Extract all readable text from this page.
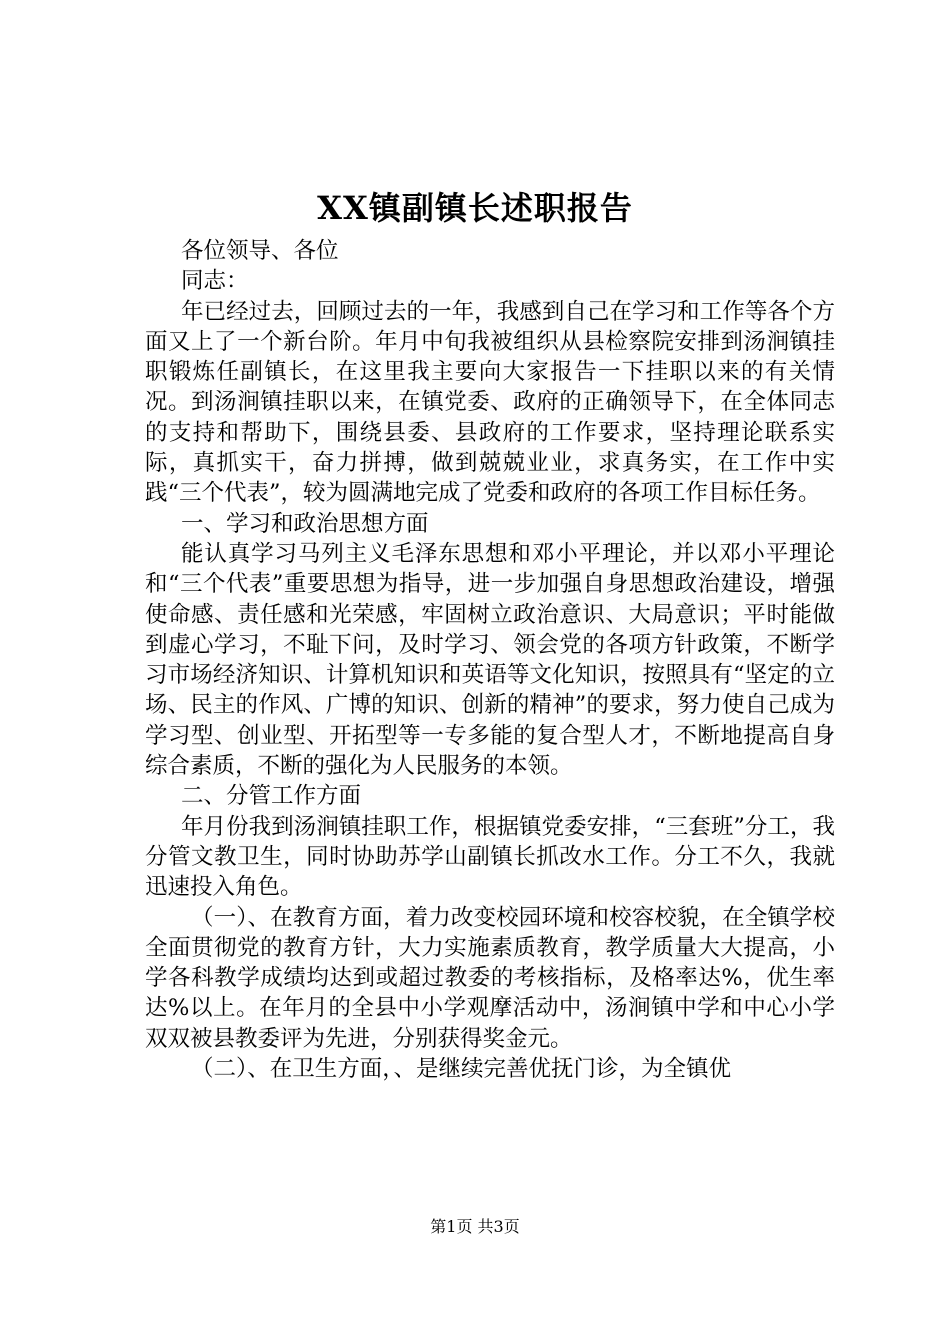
XX镇副镇长述职报告

各位领导、各位

同志：

年已经过去，回顾过去的一年，我感到自己在学习和工作等各个方面又上了一个新台阶。年月中旬我被组织从县检察院安排到汤涧镇挂职锻炼任副镇长，在这里我主要向大家报告一下挂职以来的有关情况。到汤涧镇挂职以来，在镇党委、政府的正确领导下，在全体同志的支持和帮助下，围绕县委、县政府的工作要求，坚持理论联系实际，真抓实干，奋力拼搏，做到兢兢业业，求真务实，在工作中实践“三个代表”，较为圆满地完成了党委和政府的各项工作目标任务。

一、学习和政治思想方面

能认真学习马列主义毛泽东思想和邓小平理论，并以邓小平理论和“三个代表”重要思想为指导，进一步加强自身思想政治建设，增强使命感、责任感和光荣感，牢固树立政治意识、大局意识；平时能做到虚心学习，不耻下问，及时学习、领会党的各项方针政策，不断学习市场经济知识、计算机知识和英语等文化知识，按照具有“坚定的立场、民主的作风、广博的知识、创新的精神”的要求，努力使自己成为学习型、创业型、开拓型等一专多能的复合型人才，不断地提高自身综合素质，不断的强化为人民服务的本领。

二、分管工作方面

年月份我到汤涧镇挂职工作，根据镇党委安排，“三套班”分工，我分管文教卫生，同时协助苏学山副镇长抓改水工作。分工不久，我就迅速投入角色。

（一）、在教育方面，着力改变校园环境和校容校貌，在全镇学校全面贯彻党的教育方针，大力实施素质教育，教学质量大大提高，小学各科教学成绩均达到或超过教委的考核指标，及格率达%，优生率达%以上。在年月的全县中小学观摩活动中，汤涧镇中学和中心小学双双被县教委评为先进，分别获得奖金元。

（二）、在卫生方面，、是继续完善优抚门诊，为全镇优

第1页 共3页
